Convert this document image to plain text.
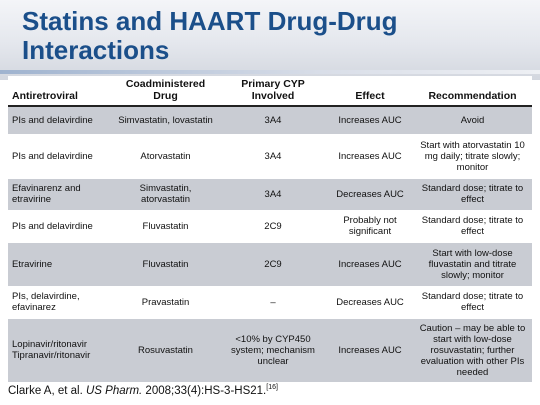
Statins and HAART Drug-Drug
Interactions
Antiretroviral	Coadministered Drug	Primary CYP Involved	Effect	Recommendation
PIs and delavirdine	Simvastatin, lovastatin	3A4	Increases AUC	Avoid
PIs and delavirdine	Atorvastatin	3A4	Increases AUC	Start with atorvastatin 10 mg daily; titrate slowly; monitor
Efavinarenz and etravirine	Simvastatin, atorvastatin	3A4	Decreases AUC	Standard dose; titrate to effect
PIs and delavirdine	Fluvastatin	2C9	Probably not significant	Standard dose; titrate to effect
Etravirine	Fluvastatin	2C9	Increases AUC	Start with low-dose fluvastatin and titrate slowly; monitor
PIs, delavirdine, efavinarez	Pravastatin	–	Decreases AUC	Standard dose; titrate to effect
Lopinavir/ritonavir Tipranavir/ritonavir	Rosuvastatin	<10% by CYP450 system; mechanism unclear	Increases AUC	Caution – may be able to start with low-dose rosuvastatin; further evaluation with other PIs needed
Clarke A, et al. US Pharm. 2008;33(4):HS-3-HS21.[16]
